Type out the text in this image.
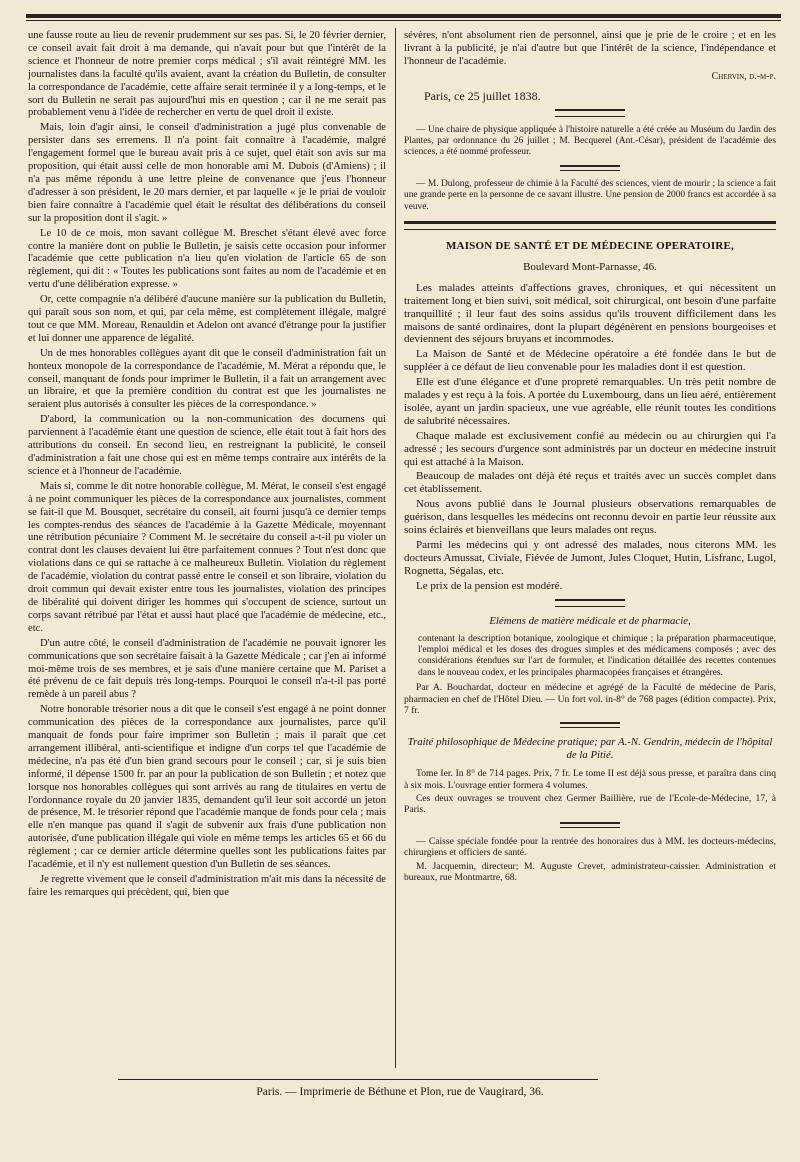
une fausse route au lieu de revenir prudemment sur ses pas. Si, le 20 février dernier, ce conseil avait fait droit à ma demande, qui n'avait pour but que l'intérêt de la science et l'honneur de notre premier corps médical ; s'il avait réintégré MM. les journalistes dans la faculté qu'ils avaient, avant la création du Bulletin, de consulter la correspondance de l'académie, cette affaire serait terminée il y a long-temps, et le sort du Bulletin ne serait pas aujourd'hui mis en question ; car il ne me serait pas probablement venu à l'idée de rechercher en vertu de quel droit il existe.

Mais, loin d'agir ainsi, le conseil d'administration a jugé plus convenable de persister dans ses erremens. Il n'a point fait connaître à l'académie, malgré l'engagement formel que le bureau avait pris à ce sujet, quel était son avis sur ma proposition, qui était aussi celle de mon honorable ami M. Dubois (d'Amiens) ; il n'a pas même répondu à une lettre pleine de convenance que j'eus l'honneur d'adresser à son président, le 20 mars dernier, et par laquelle « je le priai de vouloir bien faire connaître à l'académie quel était le résultat des délibérations du conseil sur la proposition dont il s'agit. »

Le 10 de ce mois, mon savant collègue M. Breschet s'étant élevé avec force contre la manière dont on publie le Bulletin, je saisis cette occasion pour informer l'académie que cette publication n'a lieu qu'en violation de l'article 65 de son règlement, qui dit : « Toutes les publications sont faites au nom de l'académie et en vertu d'une délibération expresse. »

Or, cette compagnie n'a délibéré d'aucune manière sur la publication du Bulletin, qui paraît sous son nom, et qui, par cela même, est complètement illégale, malgré tout ce que MM. Moreau, Renauldin et Adelon ont avancé d'étrange pour la justifier et lui donner une apparence de légalité.

Un de mes honorables collègues ayant dit que le conseil d'administration fait un honteux monopole de la correspondance de l'académie, M. Mérat a répondu que, le conseil, manquant de fonds pour imprimer le Bulletin, il a fait un arrangement avec un libraire, et que la première condition du contrat est que les journalistes ne seraient plus autorisés à consulter les pièces de la correspondance. »

D'abord, la communication ou la non-communication des documens qui parviennent à l'académie étant une question de science, elle était tout à fait hors des attributions du conseil. En second lieu, en restreignant la publicité, le conseil d'administration a fait une chose qui est en même temps contraire aux intérêts de la science et à l'honneur de l'académie.

Mais si, comme le dit notre honorable collègue, M. Mérat, le conseil s'est engagé à ne point communiquer les pièces de la correspondance aux journalistes, comment se fait-il que M. Bousquet, secrétaire du conseil, ait fourni jusqu'à ce dernier temps les comptes-rendus des séances de l'académie à la Gazette Médicale, moyennant une rétribution pécuniaire ? Comment M. le secrétaire du conseil a-t-il pu violer un contrat dont les clauses devaient lui être parfaitement connues ? Tout n'est donc que violations dans ce qui se rattache à ce malheureux Bulletin. Violation du règlement de l'académie, violation du contrat passé entre le conseil et son libraire, violation du droit commun qui devait exister entre tous les journalistes, violation des principes de libéralité qui doivent diriger les hommes qui s'occupent de science, surtout un corps savant rétribué par l'état et aussi haut placé que l'académie de médecine, etc., etc.

D'un autre côté, le conseil d'administration de l'académie ne pouvait ignorer les communications que son secrétaire faisait à la Gazette Médicale ; car j'en ai informé moi-même trois de ses membres, et je sais d'une manière certaine que M. Pariset a été prévenu de ce fait depuis très long-temps. Pourquoi le conseil n'a-t-il pas porté remède à un pareil abus ?

Notre honorable trésorier nous a dit que le conseil s'est engagé à ne point donner communication des pièces de la correspondance aux journalistes, parce qu'il manquait de fonds pour faire imprimer son Bulletin ; mais il paraît que cet arrangement illibéral, anti-scientifique et indigne d'un corps tel que l'académie de médecine, n'a pas été d'un bien grand secours pour le conseil ; car, si je suis bien informé, il dépense 1500 fr. par an pour la publication de son Bulletin ; et notez que lorsque nos honorables collègues qui sont arrivés au rang de titulaires en vertu de l'ordonnance royale du 20 janvier 1835, demandent qu'il leur soit accordé un jeton de présence, M. le trésorier répond que l'académie manque de fonds pour cela ; mais elle n'en manque pas quand il s'agit de subvenir aux frais d'une publication non autorisée, d'une publication illégale qui viole en même temps les articles 65 et 66 du règlement ; car ce dernier article détermine quelles sont les publications faites par l'académie, et il n'y est nullement question d'un Bulletin de ses séances.

Je regrette vivement que le conseil d'administration m'ait mis dans la nécessité de faire les remarques qui précèdent, qui, bien que

sévères, n'ont absolument rien de personnel, ainsi que je prie de le croire ; et en les livrant à la publicité, je n'ai d'autre but que l'intérêt de la science, l'indépendance et l'honneur de l'académie.

Chervin, d.-m-p.

Paris, ce 25 juillet 1838.

— Une chaire de physique appliquée à l'histoire naturelle a été créée au Muséum du Jardin des Plantes, par ordonnance du 26 juillet ; M. Becquerel (Ant.-César), président de l'académie des sciences, a été nommé professeur.

— M. Dulong, professeur de chimie à la Faculté des sciences, vient de mourir ; la science a fait une grande perte en la personne de ce savant illustre. Une pension de 2000 francs est accordée à sa veuve.

MAISON DE SANTÉ ET DE MÉDECINE OPERATOIRE,

Boulevard Mont-Parnasse, 46.

Les malades atteints d'affections graves, chroniques, et qui nécessitent un traitement long et bien suivi, soit médical, soit chirurgical, ont besoin d'une parfaite tranquillité ; il leur faut des soins assidus qu'ils trouvent difficilement dans les maisons de santé ordinaires, dont la plupart dégénèrent en pensions bourgeoises et deviennent des séjours bruyans et incommodes.

La Maison de Santé et de Médecine opératoire a été fondée dans le but de suppléer à ce défaut de lieu convenable pour les maladies dont il est question.

Elle est d'une élégance et d'une propreté remarquables. Un très petit nombre de malades y est reçu à la fois. A portée du Luxembourg, dans un lieu aéré, entièrement isolée, ayant un jardin spacieux, une vue agréable, elle réunit toutes les conditions de salubrité nécessaires.

Chaque malade est exclusivement confié au médecin ou au chirurgien qui l'a adressé ; les secours d'urgence sont administrés par un docteur en médecine instruit qui est attaché à la Maison.

Beaucoup de malades ont déjà été reçus et traités avec un succès complet dans cet établissement.

Nous avons publié dans le Journal plusieurs observations remarquables de guérison, dans lesquelles les médecins ont reconnu devoir en partie leur réussite aux soins éclairés et bienveillans que leurs malades ont reçus.

Parmi les médecins qui y ont adressé des malades, nous citerons MM. les docteurs Amussat, Civiale, Fiévée de Jumont, Jules Cloquet, Hutin, Lisfranc, Lugol, Rognetta, Ségalas, etc.

Le prix de la pension est modéré.

Elémens de matière médicale et de pharmacie,

contenant la description botanique, zoologique et chimique ; la préparation pharmaceutique, l'emploi médical et les doses des drogues simples et des médicamens composés ; avec des considérations étendues sur l'art de formuler, et l'indication détaillée des recettes contenues dans le nouveau codex, et les principales pharmacopées françaises et étrangères.

Par A. Bouchardat, docteur en médecine et agrégé de la Faculté de médecine de Paris, pharmacien en chef de l'Hôtel Dieu. — Un fort vol. in-8° de 768 pages (édition compacte). Prix, 7 fr.

Traité philosophique de Médecine pratique; par A.-N. Gendrin, médecin de l'hôpital de la Pitié.

Tome Ier. In 8° de 714 pages. Prix, 7 fr. Le tome II est déjà sous presse, et paraîtra dans cinq à six mois. L'ouvrage entier formera 4 volumes.

Ces deux ouvrages se trouvent chez Germer Baillière, rue de l'Ecole-de-Médecine, 17, à Paris.

— Caisse spéciale fondée pour la rentrée des honoraires dus à MM. les docteurs-médecins, chirurgiens et officiers de santé.

M. Jacquemin, directeur; M. Auguste Crevet, administrateur-caissier. Administration et bureaux, rue Montmartre, 68.

Paris. — Imprimerie de Béthune et Plon, rue de Vaugirard, 36.
